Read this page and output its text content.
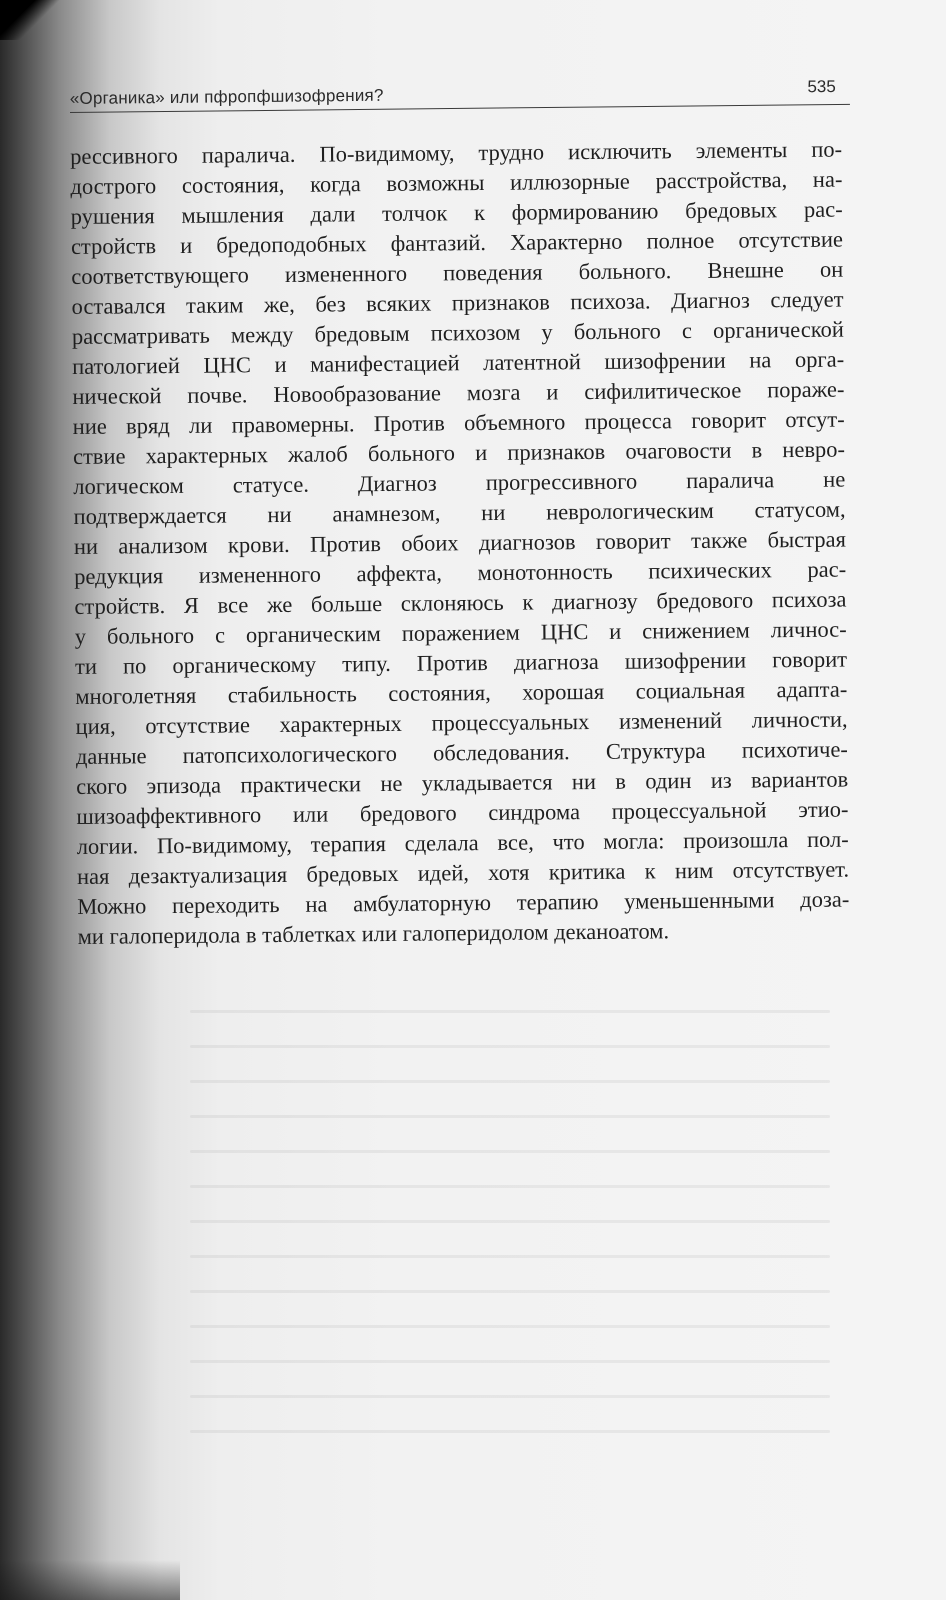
«Органика» или пфропфшизофрения?	535
рессивного паралича. По-видимому, трудно исключить элементы по-
дострого состояния, когда возможны иллюзорные расстройства, на-
рушения мышления дали толчок к формированию бредовых рас-
стройств и бредоподобных фантазий. Характерно полное отсутствие
соответствующего измененного поведения больного. Внешне он
оставался таким же, без всяких признаков психоза. Диагноз следует
рассматривать между бредовым психозом у больного с органической
патологией ЦНС и манифестацией латентной шизофрении на орга-
нической почве. Новообразование мозга и сифилитическое пораже-
ние вряд ли правомерны. Против объемного процесса говорит отсут-
ствие характерных жалоб больного и признаков очаговости в невро-
логическом статусе. Диагноз прогрессивного паралича не
подтверждается ни анамнезом, ни неврологическим статусом,
ни анализом крови. Против обоих диагнозов говорит также быстрая
редукция измененного аффекта, монотонность психических рас-
стройств. Я все же больше склоняюсь к диагнозу бредового психоза
у больного с органическим поражением ЦНС и снижением личнос-
ти по органическому типу. Против диагноза шизофрении говорит
многолетняя стабильность состояния, хорошая социальная адапта-
ция, отсутствие характерных процессуальных изменений личности,
данные патопсихологического обследования. Структура психотиче-
ского эпизода практически не укладывается ни в один из вариантов
шизоаффективного или бредового синдрома процессуальной этио-
логии. По-видимому, терапия сделала все, что могла: произошла пол-
ная дезактуализация бредовых идей, хотя критика к ним отсутствует.
Можно переходить на амбулаторную терапию уменьшенными доза-
ми галоперидола в таблетках или галоперидолом деканоатом.
